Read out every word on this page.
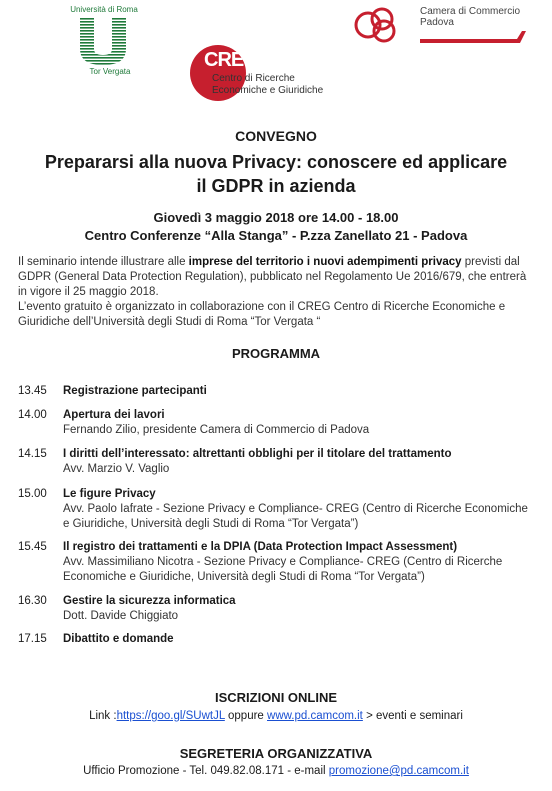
Università di Roma
Tor Vergata
CREG
Centro di Ricerche
Economiche e Giuridiche
Camera di Commercio
Padova
CONVEGNO
Prepararsi alla nuova Privacy: conoscere ed applicare
il GDPR in azienda
Giovedì 3 maggio 2018 ore 14.00 - 18.00
Centro Conferenze “Alla Stanga” - P.zza Zanellato 21 - Padova

Il seminario intende illustrare alle imprese del territorio i nuovi adempimenti privacy previsti dal GDPR (General Data Protection Regulation), pubblicato nel Regolamento Ue 2016/679, che entrerà in vigore il 25 maggio 2018.

L’evento gratuito è organizzato in collaborazione con il CREG Centro di Ricerche Economiche e Giuridiche dell’Università degli Studi di Roma “Tor Vergata “

PROGRAMMA
13.45	Registrazione partecipanti
14.00	Apertura dei lavori
Fernando Zilio, presidente Camera di Commercio di Padova
14.15	I diritti dell’interessato: altrettanti obblighi per il titolare del trattamento
Avv. Marzio V. Vaglio
15.00	Le figure Privacy
Avv. Paolo Iafrate - Sezione Privacy e Compliance- CREG (Centro di Ricerche Economiche e Giuridiche, Università degli Studi di Roma “Tor Vergata”)
15.45	Il registro dei trattamenti e la DPIA (Data Protection Impact Assessment)
Avv. Massimiliano Nicotra - Sezione Privacy e Compliance- CREG (Centro di Ricerche Economiche e Giuridiche, Università degli Studi di Roma “Tor Vergata”)
16.30	Gestire la sicurezza informatica
Dott. Davide Chiggiato
17.15	Dibattito e domande
ISCRIZIONI ONLINE
Link :https://goo.gl/SUwtJL oppure www.pd.camcom.it > eventi e seminari
SEGRETERIA ORGANIZZATIVA
Ufficio Promozione - Tel. 049.82.08.171 - e-mail promozione@pd.camcom.it
